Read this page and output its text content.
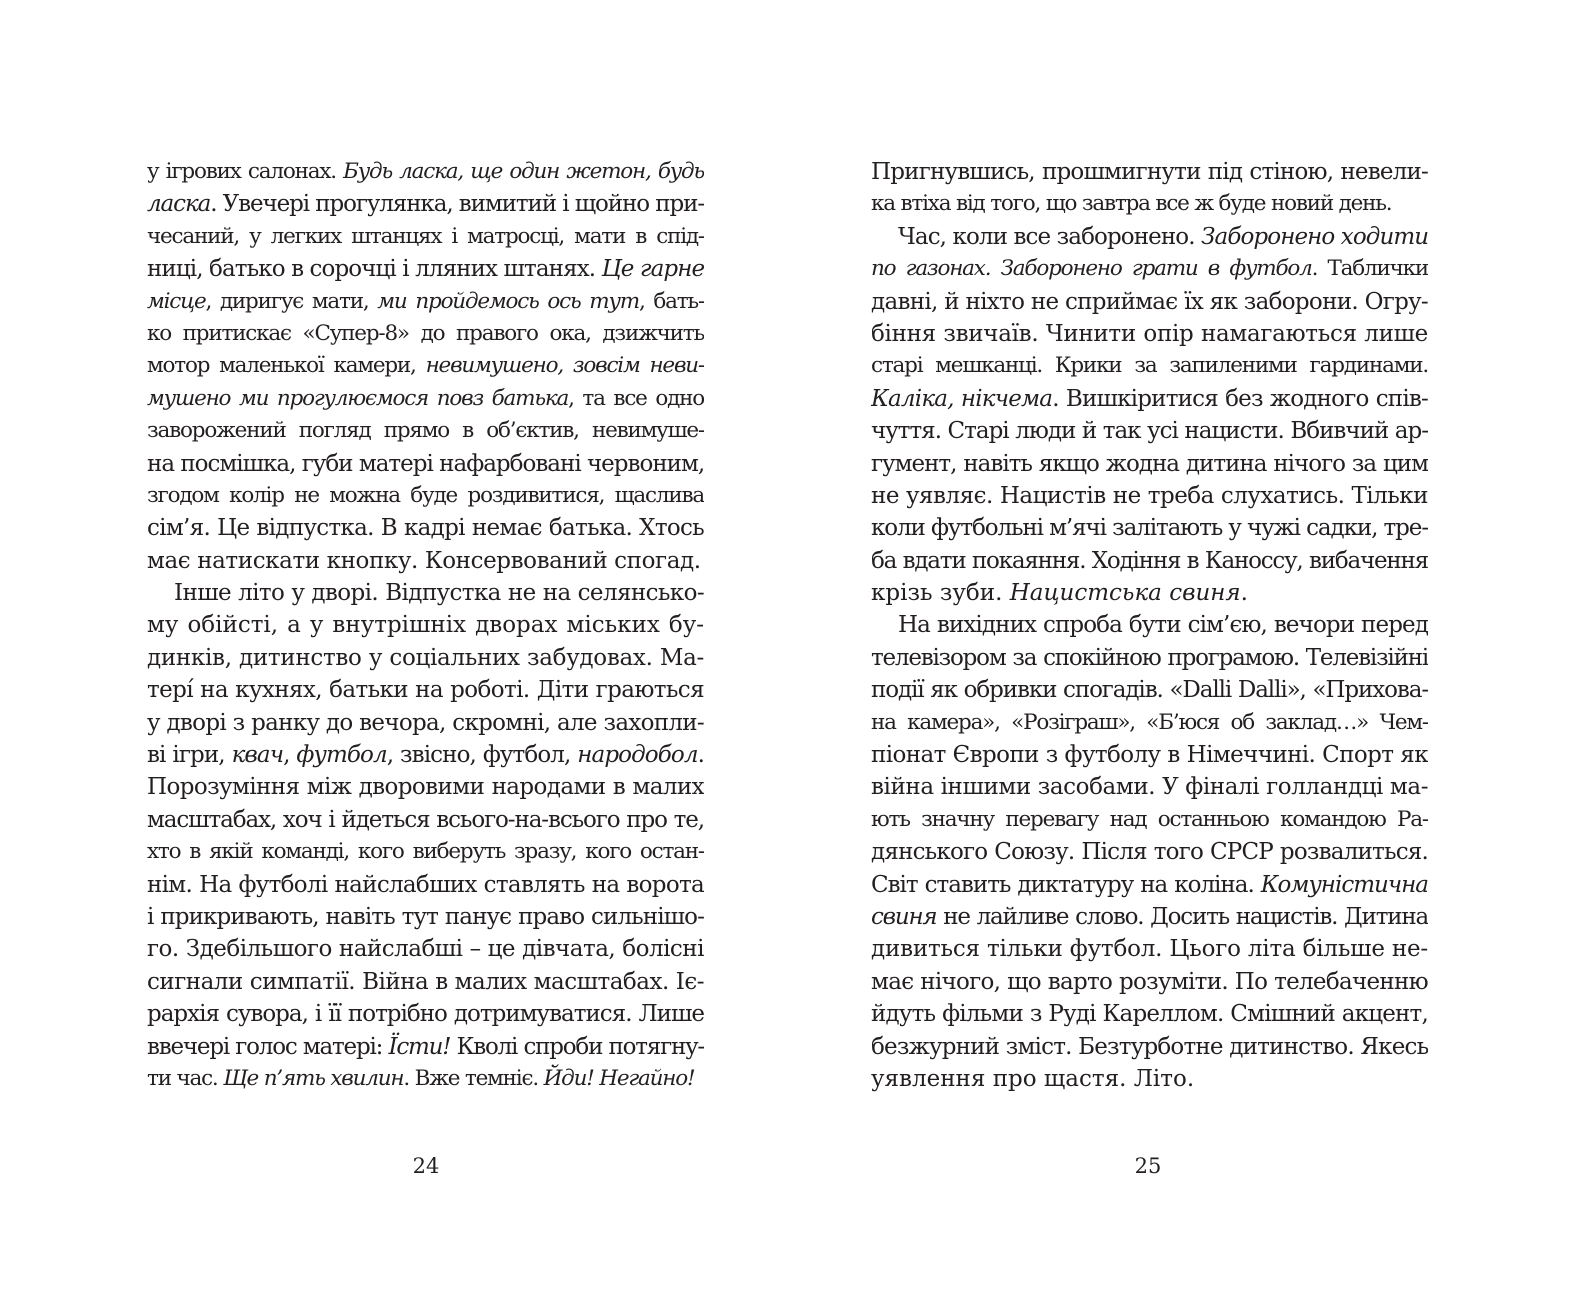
у ігрових салонах. Будь ласка, ще один жетон, будь
ласка. Увечері прогулянка, вимитий і щойно при-
чесаний, у легких штанцях і матросці, мати в спід-
ниці, батько в сорочці і лляних штанях. Це гарне
місце, диригує мати, ми пройдемось ось тут, бать-
ко притискає «Супер-8» до правого ока, дзижчить
мотор маленької камери, невимушено, зовсім неви-
мушено ми прогулюємося повз батька, та все одно
заворожений погляд прямо в об’єктив, невимуше-
на посмішка, губи матері нафарбовані червоним,
згодом колір не можна буде роздивитися, щаслива
сім’я. Це відпустка. В кадрі немає батька. Хтось
має натискати кнопку. Консервований спогад.
Інше літо у дворі. Відпустка не на селянсько-
му обійсті, а у внутрішніх дворах міських бу-
динків, дитинство у соціальних забудовах. Ма-
тері́ на кухнях, батьки на роботі. Діти граються
у дворі з ранку до вечора, скромні, але захопли-
ві ігри, квач, футбол, звісно, футбол, народобол.
Порозуміння між дворовими народами в малих
масштабах, хоч і йдеться всього-на-всього про те,
хто в якій команді, кого виберуть зразу, кого остан-
нім. На футболі найслабших ставлять на ворота
і прикривають, навіть тут панує право сильнішо-
го. Здебільшого найслабші – це дівчата, болісні
сигнали симпатії. Війна в малих масштабах. Іє-
рархія сувора, і її потрібно дотримуватися. Лише
ввечері голос матері: Їсти! Кволі спроби потягну-
ти час. Ще п’ять хвилин. Вже темніє. Йди! Негайно!
24
Пригнувшись, прошмигнути під стіною, невели-
ка втіха від того, що завтра все ж буде новий день.
Час, коли все заборонено. Заборонено ходити
по газонах. Заборонено грати в футбол. Таблички
давні, й ніхто не сприймає їх як заборони. Огру-
біння звичаїв. Чинити опір намагаються лише
старі мешканці. Крики за запиленими гардинами.
Каліка, нікчема. Вишкіритися без жодного спів-
чуття. Старі люди й так усі нацисти. Вбивчий ар-
гумент, навіть якщо жодна дитина нічого за цим
не уявляє. Нацистів не треба слухатись. Тільки
коли футбольні м’ячі залітають у чужі садки, тре-
ба вдати покаяння. Ходіння в Каноссу, вибачення
крізь зуби. Нацистська свиня.
На вихідних спроба бути сім’єю, вечори перед
телевізором за спокійною програмою. Телевізійні
події як обривки спогадів. «Dalli Dalli», «Прихова-
на камера», «Розіграш», «Б’юся об заклад…» Чем-
піонат Європи з футболу в Німеччині. Спорт як
війна іншими засобами. У фіналі голландці ма-
ють значну перевагу над останньою командою Ра-
дянського Союзу. Після того СРСР розвалиться.
Світ ставить диктатуру на коліна. Комуністична
свиня не лайливе слово. Досить нацистів. Дитина
дивиться тільки футбол. Цього літа більше не-
має нічого, що варто розуміти. По телебаченню
йдуть фільми з Руді Кареллом. Смішний акцент,
безжурний зміст. Безтурботне дитинство. Якесь
уявлення про щастя. Літо.
25
